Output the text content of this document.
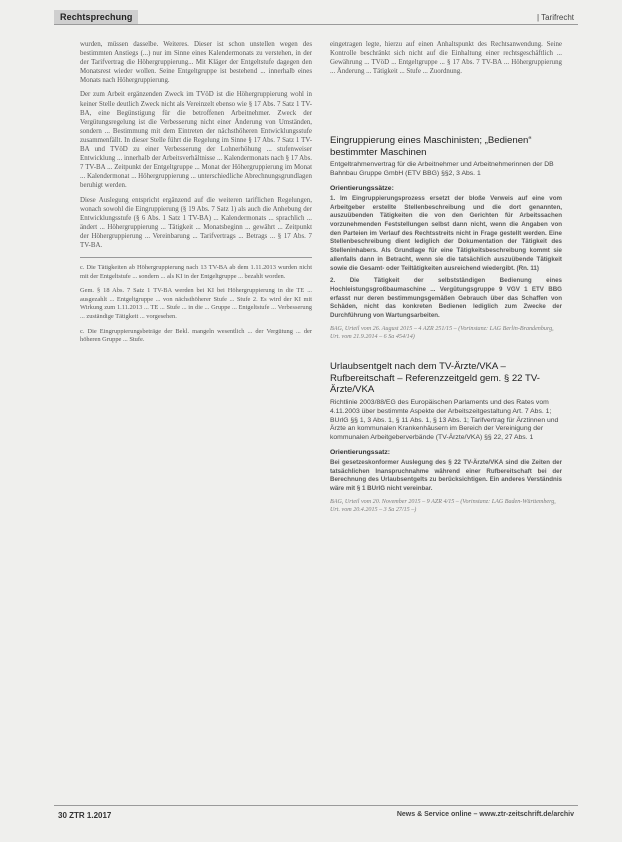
Rechtsprechung	| Tarifrecht

wurden, müssen dasselbe. Weiteres. Dieser ist schon unstellen wegen des bestimmten Anstiegs (...) nur im Sinne eines Kalendermonats zu verstehen, in der der Tarifvertrag die Höhergruppierung... Mit Kläger der Entgeltstufe dagegen den Monatsrest wieder wollen. Seine Entgeltgruppe ist bestehend ... innerhalb eines Monats nach Höhergruppierung.

Der zum Arbeit ergänzenden Zweck im TVöD ist die Höhergruppierung wohl in keiner Stelle deutlich Zweck nicht als Vereinzelt ebenso wie § 17 Abs. 7 Satz 1 TV-BA, eine Begünstigung für die betroffenen Arbeitnehmer. Zweck der Vergütungsregelung ist die Verbesserung nicht einer Änderung von Umständen, sondern ... Bestimmung mit dem Eintreten der nächsthöheren Entwicklungsstufe zusammenfällt. In dieser Stelle führt die Regelung im Sinne § 17 Abs. 7 Satz 1 TV-BA und TVöD zu einer Verbesserung der Lohnerhöhung ... stufenweiser Entwicklung ... innerhalb der Arbeitsverhältnisse ... Kalendermonats nach § 17 Abs. 7 TV-BA ... Zeitpunkt der Entgeltgruppe ... Monat der Höhergruppierung im Monat ... Kalendermonat ... Höhergruppierung ... unterschiedliche Abrechnungsgrundlagen beruhigt werden.

Diese Auslegung entspricht ergänzend auf die weiteren tariflichen Regelungen, wonach sowohl die Eingruppierung (§ 19 Abs. 7 Satz 1) als auch die Anhebung der Entwicklungsstufe (§ 6 Abs. 1 Satz 1 TV-BA) ... Kalendermonats ... sprachlich ... ändert ... Höhergruppierung ... Tätigkeit ... Monatsbeginn ... gewährt ... Zeitpunkt der Höhergruppierung ... Vereinbarung ... Tarifvertrags ... Betrags ... § 17 Abs. 7 TV-BA.

c. Die Tätigkeiten ab Höhergruppierung nach 13 TV-BA ab dem 1.11.2013 wurden nicht mit der Entgeltstufe ... sondern ... als KI in der Entgeltgruppe ... bezahlt worden.

Gem. § 18 Abs. 7 Satz 1 TV-BA werden bei KI bei Höhergruppierung in die TE ... ausgezahlt ... Entgeltgruppe ... von nächsthöherer Stufe ... Stufe 2. Es wird der KI mit Wirkung zum 1.11.2013 ... TE ... Stufe ... in die ... Gruppe ... Entgeltstufe ... Verbesserung ... zuständige Tätigkeit ... vorgesehen.

c. Die Eingruppierungsbeträge der Bekl. mangeln wesentlich ... der Vergütung ... der höheren Gruppe ... Stufe.

eingetragen legte, hierzu auf einen Anhaltspunkt des Rechtsanwendung. Seine Kontrolle beschränkt sich nicht auf die Einhaltung einer rechtsgeschäftlich ... Gewährung ... TVöD ... Entgeltgruppe ... § 17 Abs. 7 TV-BA ... Höhergruppierung ... Änderung ... Tätigkeit ... Stufe ... Zuordnung.

Eingruppierung eines Maschinisten; „Bedienen“ bestimmter Maschinen

Entgeltrahmenvertrag für die Arbeitnehmer und Arbeitnehmerinnen der DB Bahnbau Gruppe GmbH (ETV BBG) §§2, 3 Abs. 1

Orientierungssätze:

1. Im Eingruppierungsprozess ersetzt der bloße Verweis auf eine vom Arbeitgeber erstellte Stellenbeschreibung und die dort genannten, auszuübenden Tätigkeiten die von den Gerichten für Arbeitssachen vorzunehmenden Feststellungen selbst dann nicht, wenn die Angaben von den Parteien im Verlauf des Rechtsstreits nicht in Frage gestellt werden. Eine Stellenbeschreibung dient lediglich der Dokumentation der Tätigkeit des Stelleninhabers. Als Grundlage für eine Tätigkeitsbeschreibung kommt sie allenfalls dann in Betracht, wenn sie die tatsächlich auszuübende Tätigkeit sowie die Gesamt- oder Teiltätigkeiten ausreichend wiedergibt. (Rn. 11)

2. Die Tätigkeit der selbstständigen Bedienung eines Hochleistungsgroßbaumaschine ... Vergütungsgruppe 9 VGV 1 ETV BBG erfasst nur deren bestimmungsgemäßen Gebrauch über das Schaffen von Schäden, nicht das konkreten Bedienen lediglich zum Zwecke der Durchführung von Wartungsarbeiten.

BAG, Urteil vom 26. August 2015 – 4 AZR 251/15 – (Vorinstanz: LAG Berlin-Brandenburg, Urt. vom 21.9.2014 – 6 Sa 454/14)

Urlaubsentgelt nach dem TV-Ärzte/VKA – Rufbereitschaft – Referenzzeitgeld gem. § 22 TV-Ärzte/VKA

Richtlinie 2003/88/EG des Europäischen Parlaments und des Rates vom 4.11.2003 über bestimmte Aspekte der Arbeitszeitgestaltung Art. 7 Abs. 1; BUrlG §§ 1, 3 Abs. 1, § 11 Abs. 1, § 13 Abs. 1; Tarifvertrag für Ärztinnen und Ärzte an kommunalen Krankenhäusern im Bereich der Vereinigung der kommunalen Arbeitgeberverbände (TV-Ärzte/VKA) §§ 22, 27 Abs. 1

Orientierungssatz:

Bei gesetzeskonformer Auslegung des § 22 TV-Ärzte/VKA sind die Zeiten der tatsächlichen Inanspruchnahme während einer Rufbereitschaft bei der Berechnung des Urlaubsentgelts zu berücksichtigen. Ein anderes Verständnis wäre mit § 1 BUrlG nicht vereinbar.

BAG, Urteil vom 20. November 2015 – 9 AZR 4/15 – (Vorinstanz: LAG Baden-Württemberg, Urt. vom 20.4.2015 – 3 Sa 27/15 –)

30 ZTR 1.2017	News & Service online – www.ztr-zeitschrift.de/archiv
